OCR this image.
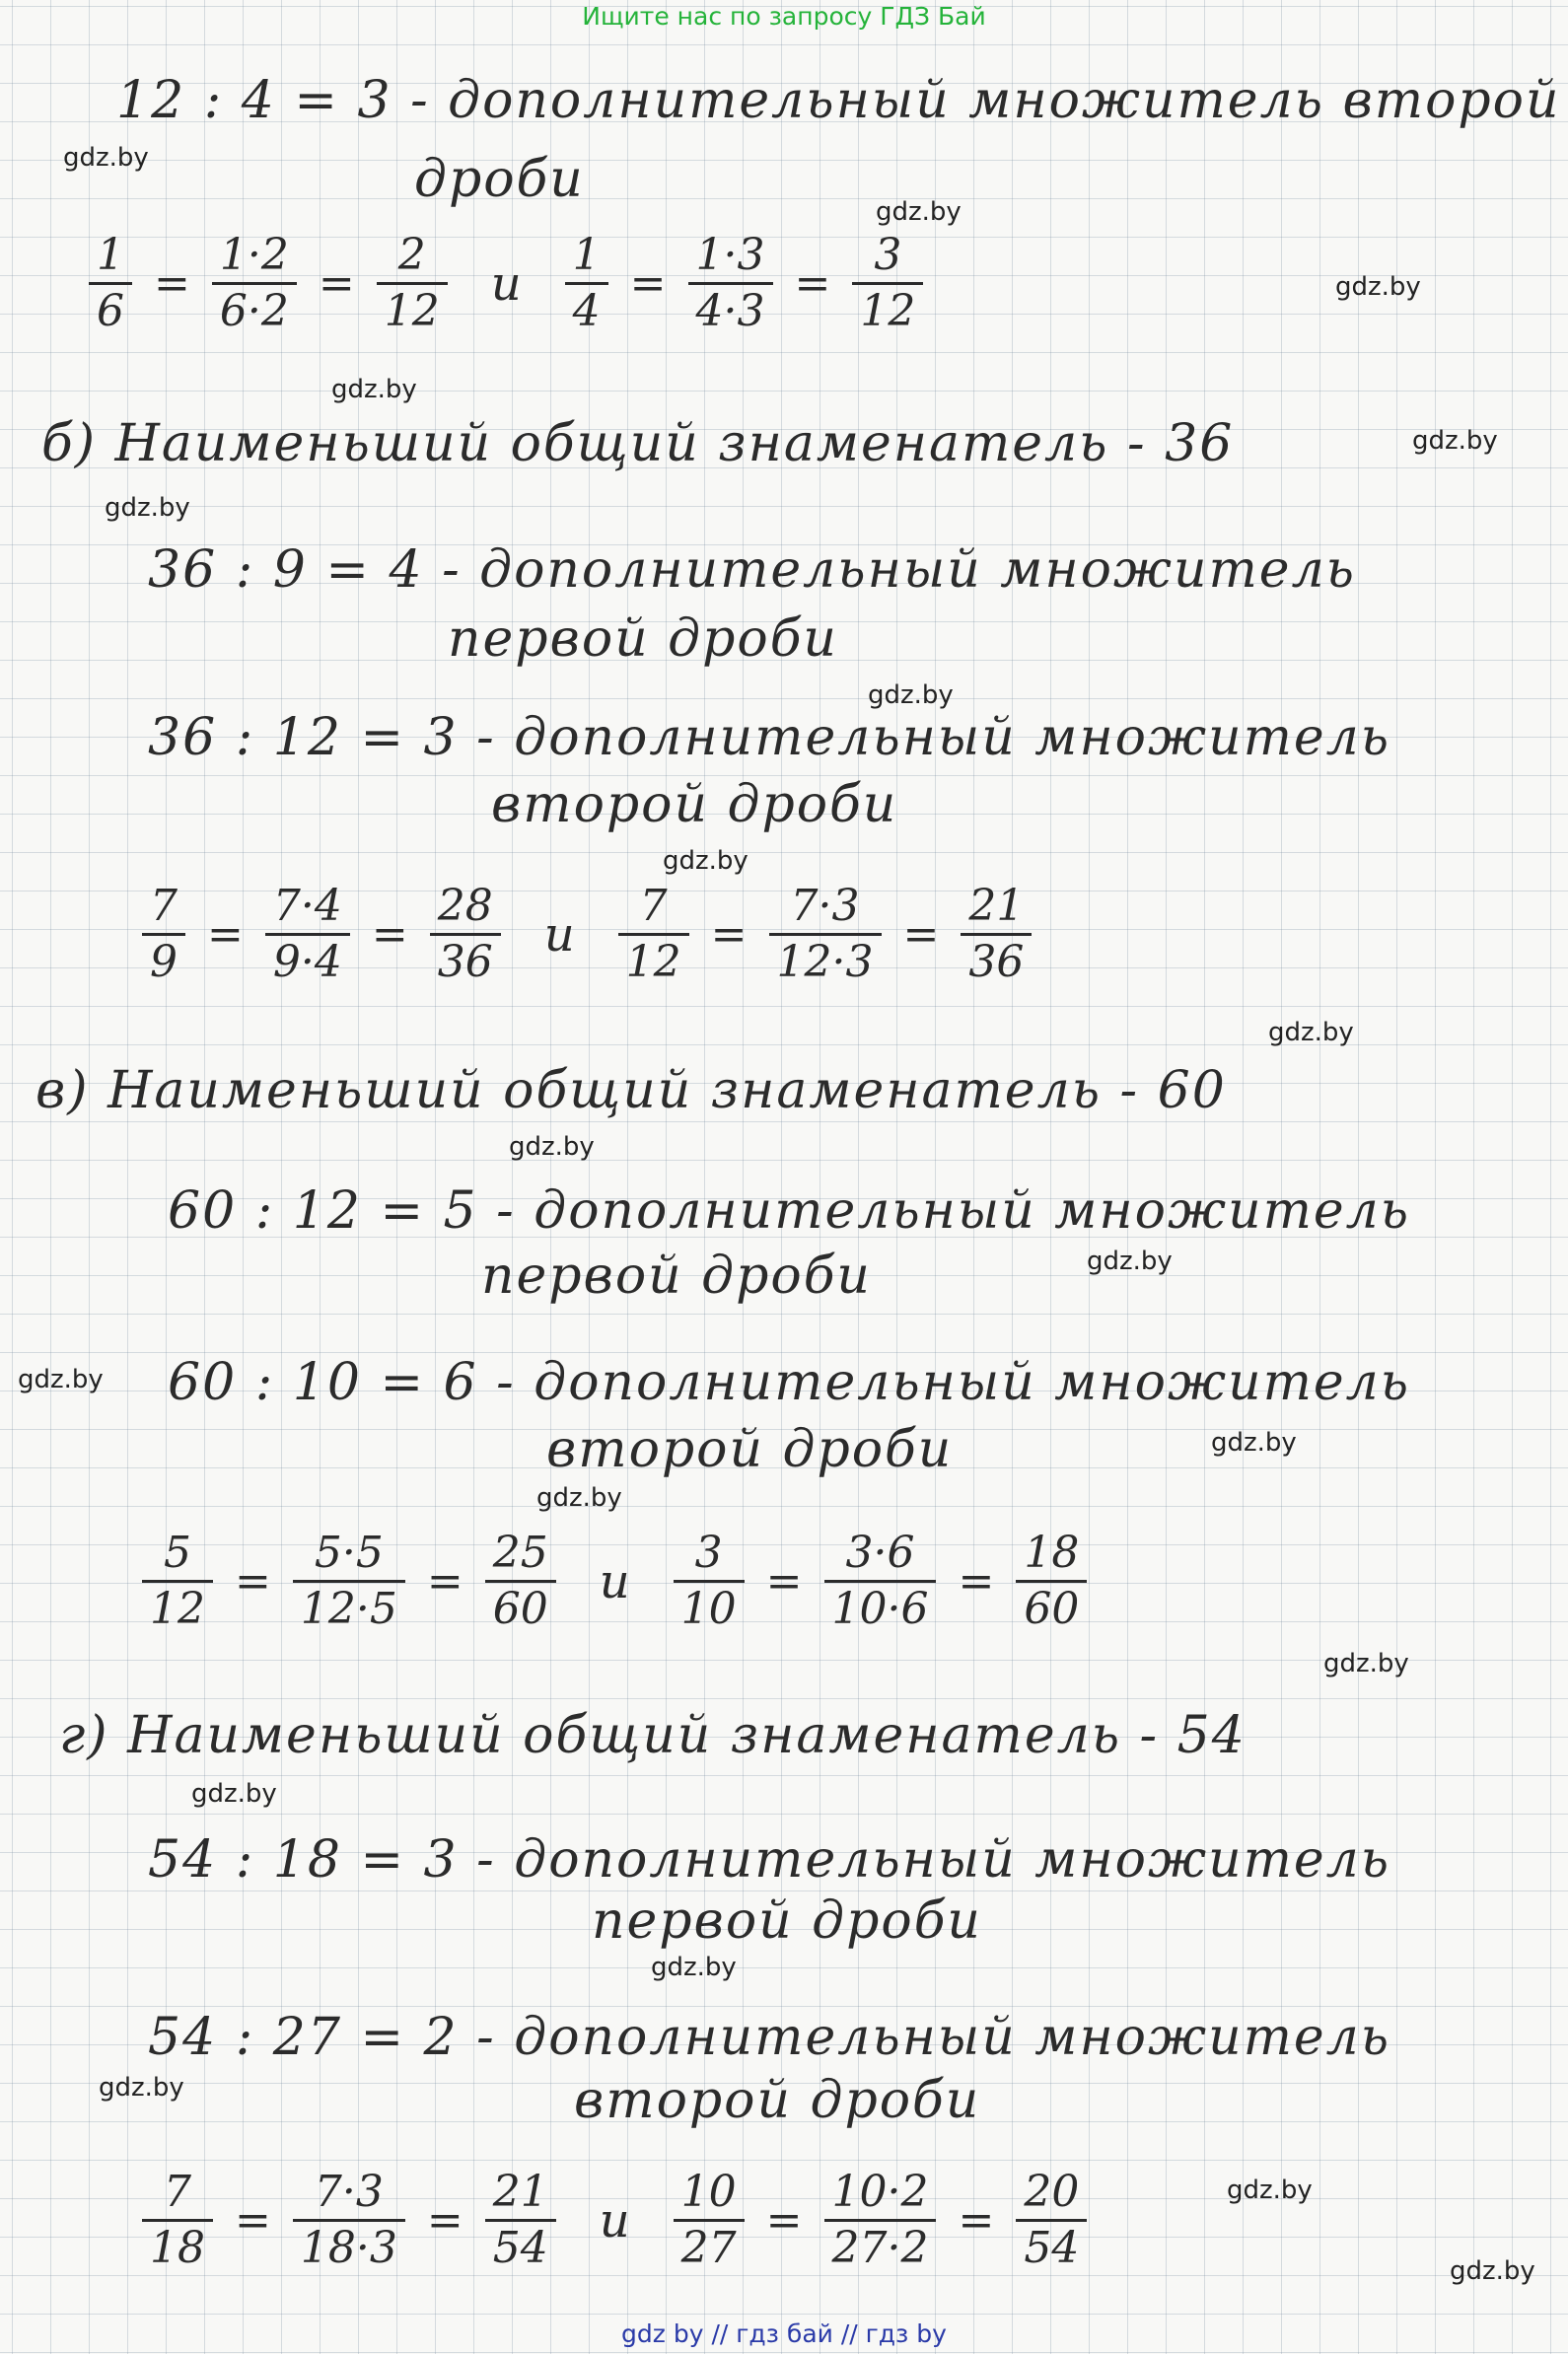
Ищите нас по запросу ГДЗ Бай
gdz.by
gdz.by
gdz.by
gdz.by
gdz.by
gdz.by
gdz.by
gdz.by
gdz.by
gdz.by
gdz.by
gdz.by
gdz.by
gdz.by
gdz.by
gdz.by
gdz.by
gdz.by
gdz.by
gdz.by
12 : 4 = 3 - дополнительный множитель второй
дроби
$\frac{1}{6} = \frac{1\cdot 2}{6\cdot 2} = \frac{2}{12}$ и $\frac{1}{4} = \frac{1\cdot 3}{4\cdot 3} = \frac{3}{12}$
б) Наименьший общий знаменатель - 36
36 : 9 = 4 - дополнительный множитель
первой дроби
36 : 12 = 3 - дополнительный множитель
второй дроби
$\frac{7}{9} = \frac{7\cdot 4}{9\cdot 4} = \frac{28}{36}$ и $\frac{7}{12} = \frac{7\cdot 3}{12\cdot 3} = \frac{21}{36}$
в) Наименьший общий знаменатель - 60
60 : 12 = 5 - дополнительный множитель
первой дроби
60 : 10 = 6 - дополнительный множитель
второй дроби
$\frac{5}{12} = \frac{5\cdot 5}{12\cdot 5} = \frac{25}{60}$ и $\frac{3}{10} = \frac{3\cdot 6}{10\cdot 6} = \frac{18}{60}$
г) Наименьший общий знаменатель - 54
54 : 18 = 3 - дополнительный множитель
первой дроби
54 : 27 = 2 - дополнительный множитель
второй дроби
$\frac{7}{18} = \frac{7\cdot 3}{18\cdot 3} = \frac{21}{54}$ и $\frac{10}{27} = \frac{10\cdot 2}{27\cdot 2} = \frac{20}{54}$
gdz by // гдз бай // гдз by
